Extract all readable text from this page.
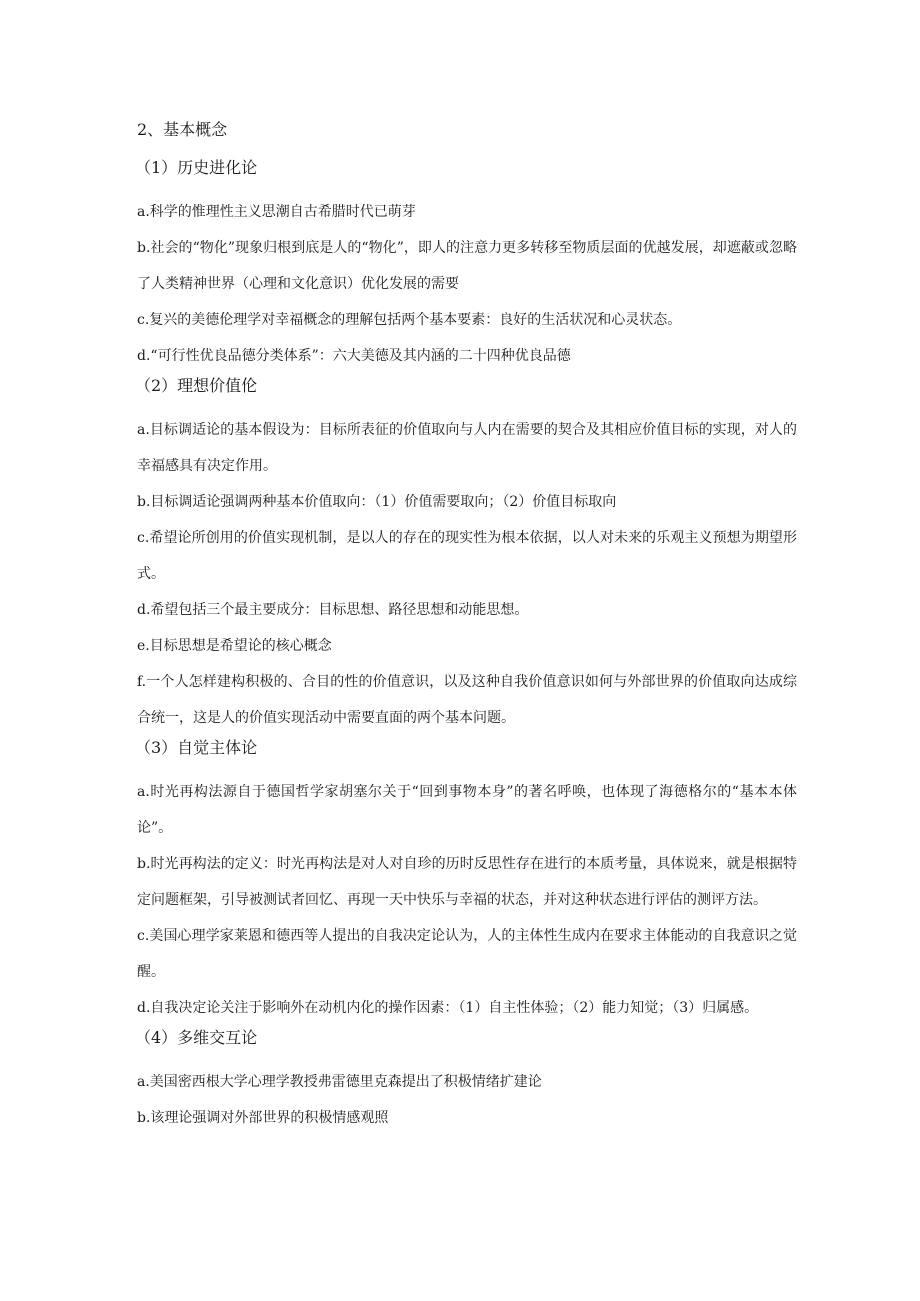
2、基本概念
（1）历史进化论

a.科学的惟理性主义思潮自古希腊时代已萌芽

b.社会的“物化”现象归根到底是人的“物化”，即人的注意力更多转移至物质层面的优越发展，却遮蔽或忽略了人类精神世界（心理和文化意识）优化发展的需要

c.复兴的美德伦理学对幸福概念的理解包括两个基本要素：良好的生活状况和心灵状态。

d.“可行性优良品德分类体系”：六大美德及其内涵的二十四种优良品德

（2）理想价值伦

a.目标调适论的基本假设为：目标所表征的价值取向与人内在需要的契合及其相应价值目标的实现，对人的幸福感具有决定作用。

b.目标调适论强调两种基本价值取向：（1）价值需要取向；（2）价值目标取向

c.希望论所创用的价值实现机制，是以人的存在的现实性为根本依据，以人对未来的乐观主义预想为期望形式。

d.希望包括三个最主要成分：目标思想、路径思想和动能思想。

e.目标思想是希望论的核心概念

f.一个人怎样建构积极的、合目的性的价值意识，以及这种自我价值意识如何与外部世界的价值取向达成综合统一，这是人的价值实现活动中需要直面的两个基本问题。

（3）自觉主体论

a.时光再构法源自于德国哲学家胡塞尔关于“回到事物本身”的著名呼唤，也体现了海德格尔的“基本本体论”。

b.时光再构法的定义：时光再构法是对人对自珍的历时反思性存在进行的本质考量，具体说来，就是根据特定问题框架，引导被测试者回忆、再现一天中快乐与幸福的状态，并对这种状态进行评估的测评方法。

c.美国心理学家莱恩和德西等人提出的自我决定论认为，人的主体性生成内在要求主体能动的自我意识之觉醒。

d.自我决定论关注于影响外在动机内化的操作因素：（1）自主性体验；（2）能力知觉；（3）归属感。

（4）多维交互论

a.美国密西根大学心理学教授弗雷德里克森提出了积极情绪扩建论

b.该理论强调对外部世界的积极情感观照
